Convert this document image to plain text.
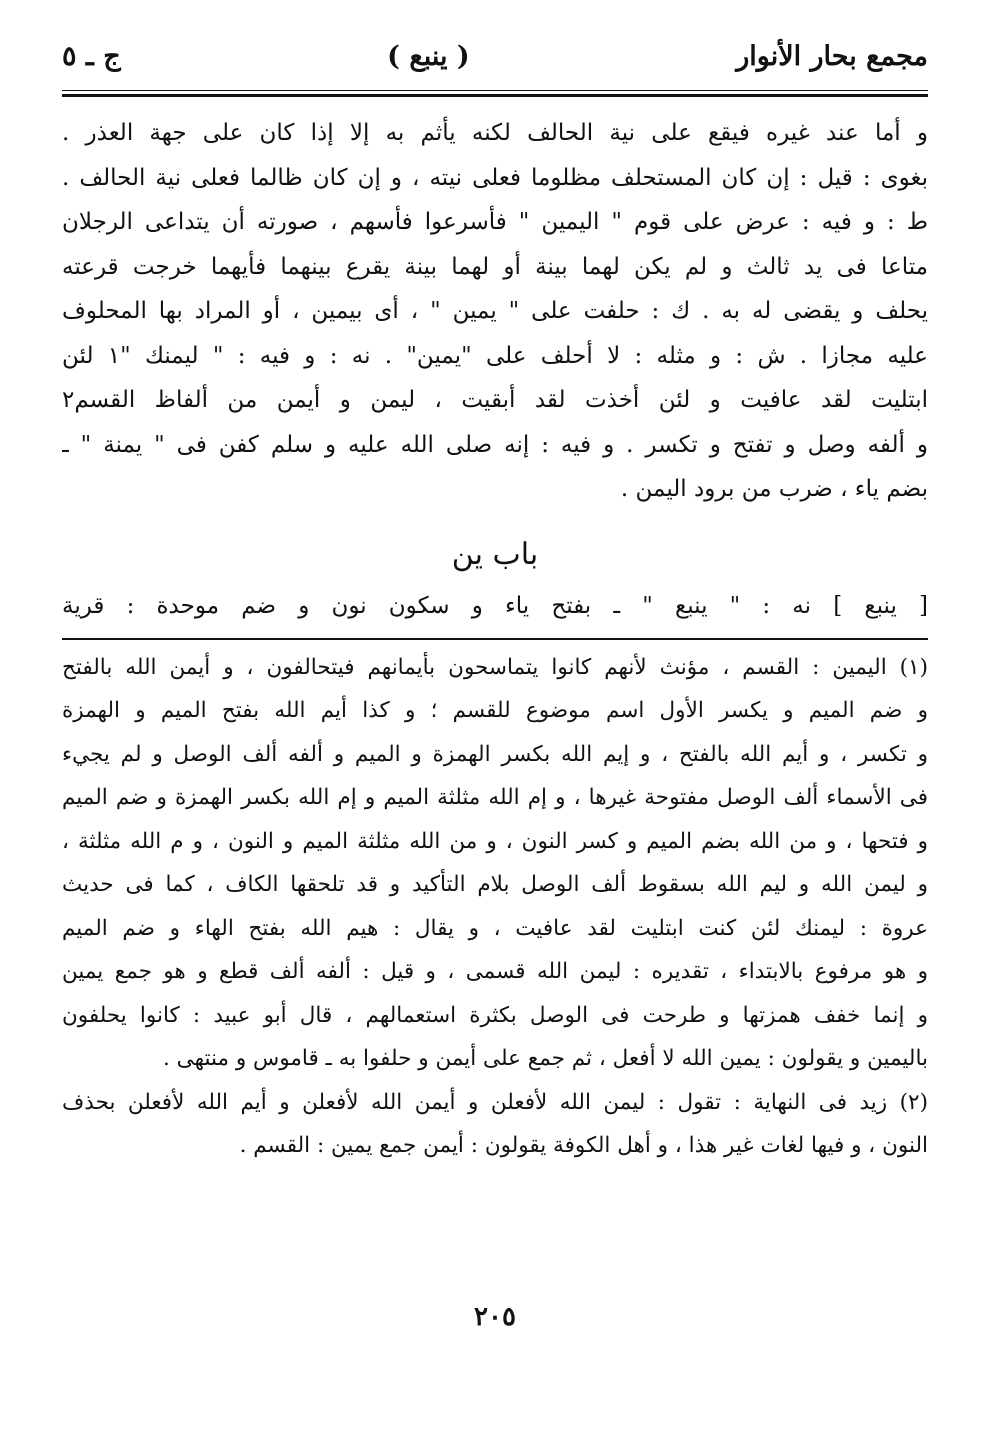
مجمع بحار الأنوار
( ينبع )
ج ـ ٥
و أما عند غيره فيقع على نية الحالف لكنه يأثم به إلا إذا كان على جهة العذر .
بغوى : قيل : إن كان المستحلف مظلوما فعلى نيته ، و إن كان ظالما فعلى نية الحالف .
ط : و فيه : عرض على قوم " اليمين " فأسرعوا فأسهم ، صورته أن يتداعى الرجلان
متاعا فى يد ثالث و لم يكن لهما بينة أو لهما بينة يقرع بينهما فأيهما خرجت قرعته
يحلف و يقضى له به . ك : حلفت على " يمين " ، أى بيمين ، أو المراد بها المحلوف
عليه مجازا . ش : و مثله : لا أحلف على "يمين" . نه : و فيه : " ليمنك "١ لئن
ابتليت لقد عافيت و لئن أخذت لقد أبقيت ، ليمن و أيمن من ألفاظ القسم٢
و ألفه وصل و تفتح و تكسر . و فيه : إنه صلى الله عليه و سلم كفن فى " يمنة " ـ
بضم ياء ، ضرب من برود اليمن .
باب ين
[ ينبع ] نه : " ينبع " ـ بفتح ياء و سكون نون و ضم موحدة : قرية
(١) اليمين : القسم ، مؤنث لأنهم كانوا يتماسحون بأيمانهم فيتحالفون ، و أيمن الله بالفتح
و ضم الميم و يكسر الأول اسم موضوع للقسم ؛ و كذا أيم الله بفتح الميم و الهمزة
و تكسر ، و أيم الله بالفتح ، و إيم الله بكسر الهمزة و الميم و ألفه ألف الوصل و لم يجيء
فى الأسماء ألف الوصل مفتوحة غيرها ، و إم الله مثلثة الميم و إم الله بكسر الهمزة و ضم الميم
و فتحها ، و من الله بضم الميم و كسر النون ، و من الله مثلثة الميم و النون ، و م الله مثلثة ،
و ليمن الله و ليم الله بسقوط ألف الوصل بلام التأكيد و قد تلحقها الكاف ، كما فى حديث
عروة : ليمنك لئن كنت ابتليت لقد عافيت ، و يقال : هيم الله بفتح الهاء و ضم الميم
و هو مرفوع بالابتداء ، تقديره : ليمن الله قسمى ، و قيل : ألفه ألف قطع و هو جمع يمين
و إنما خفف همزتها و طرحت فى الوصل بكثرة استعمالهم ، قال أبو عبيد : كانوا يحلفون
باليمين و يقولون : يمين الله لا أفعل ، ثم جمع على أيمن و حلفوا به ـ قاموس و منتهى .
(٢) زيد فى النهاية : تقول : ليمن الله لأفعلن و أيمن الله لأفعلن و أيم الله لأفعلن بحذف
النون ، و فيها لغات غير هذا ، و أهل الكوفة يقولون : أيمن جمع يمين : القسم .
٢٠٥
